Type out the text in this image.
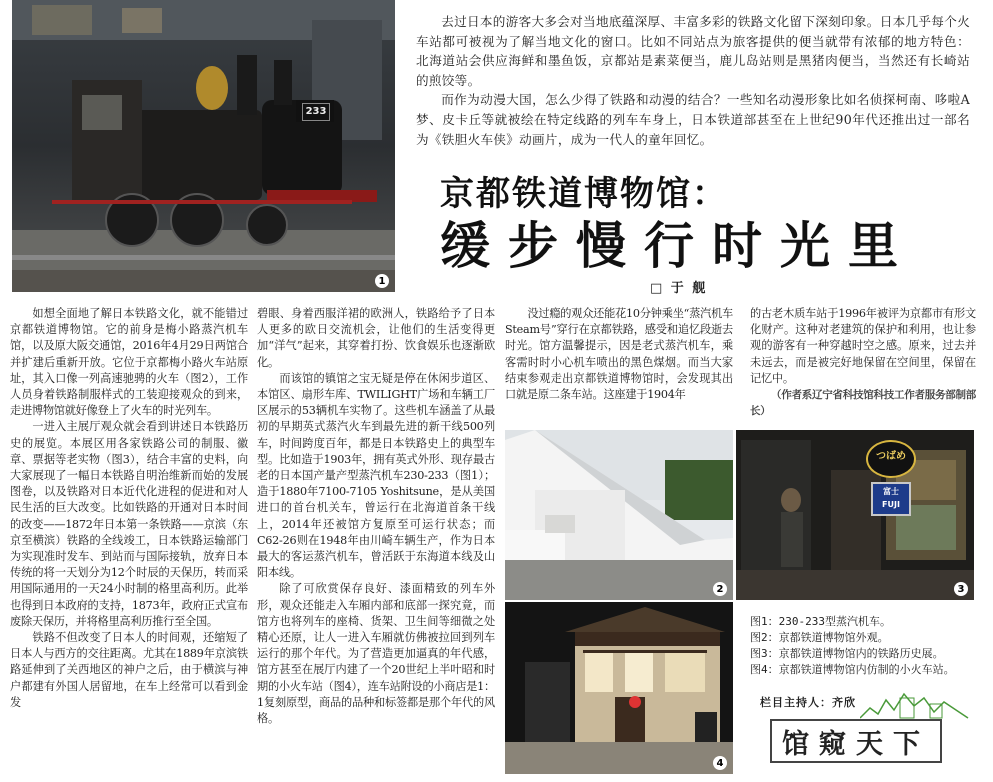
233
1

去过日本的游客大多会对当地底蕴深厚、丰富多彩的铁路文化留下深刻印象。日本几乎每个火车站都可被视为了解当地文化的窗口。比如不同站点为旅客提供的便当就带有浓郁的地方特色：北海道站会供应海鲜和墨鱼饭，京都站是素菜便当，鹿儿岛站则是黑猪肉便当，当然还有长崎站的煎饺等。

而作为动漫大国，怎么少得了铁路和动漫的结合？一些知名动漫形象比如名侦探柯南、哆啦A梦、皮卡丘等就被绘在特定线路的列车车身上，日本铁道部甚至在上世纪90年代还推出过一部名为《铁胆火车侠》动画片，成为一代人的童年回忆。

京都铁道博物馆：
缓步慢行时光里
□ 于 舰

如想全面地了解日本铁路文化，就不能错过京都铁道博物馆。它的前身是梅小路蒸汽机车馆，以及原大阪交通馆，2016年4月29日两馆合并扩建后重新开放。它位于京都梅小路火车站原址，其入口像一列高速驰骋的火车（图2），工作人员身着铁路制服样式的工装迎接观众的到来，走进博物馆就好像登上了火车的时光列车。

一进入主展厅观众就会看到讲述日本铁路历史的展览。本展区用各家铁路公司的制服、徽章、票据等老实物（图3），结合丰富的史料，向大家展现了一幅日本铁路自明治维新而始的发展图卷，以及铁路对日本近代化进程的促进和对人民生活的巨大改变。比如铁路的开通对日本时间的改变——1872年日本第一条铁路——京滨（东京至横滨）铁路的全线竣工，日本铁路运输部门为实现准时发车、到站而与国际接轨，放弃日本传统的将一天划分为12个时辰的天保历，转而采用国际通用的一天24小时制的格里高利历。此举也得到日本政府的支持，1873年，政府正式宣布废除天保历，并将格里高利历推行至全国。

铁路不但改变了日本人的时间观，还缩短了日本人与西方的交往距离。尤其在1889年京滨铁路延伸到了关西地区的神户之后，由于横滨与神户都建有外国人居留地，在车上经常可以看到金发

碧眼、身着西服洋裙的欧洲人，铁路给予了日本人更多的欧日交流机会，让他们的生活变得更加“洋气”起来，其穿着打扮、饮食娱乐也逐渐欧化。

而该馆的镇馆之宝无疑是停在休闲步道区、本馆区、扇形车库、TWILIGHT广场和车辆工厂区展示的53辆机车实物了。这些机车涵盖了从最初的早期英式蒸汽火车到最先进的新干线500列车，时间跨度百年，都是日本铁路史上的典型车型。比如造于1903年，拥有英式外形、现存最古老的日本国产量产型蒸汽机车230-233（图1）；造于1880年7100-7105 Yoshitsune，是从美国进口的首台机关车，曾运行在北海道首条干线上，2014年还被馆方复原至可运行状态；而C62-26则在1948年由川崎车辆生产，作为日本最大的客运蒸汽机车，曾活跃于东海道本线及山阳本线。

除了可欣赏保存良好、漆面精致的列车外形，观众还能走入车厢内部和底部一探究竟，而馆方也将列车的座椅、货架、卫生间等细微之处精心还原，让人一进入车厢就仿佛被拉回到列车运行的那个年代。为了营造更加逼真的年代感，馆方甚至在展厅内建了一个20世纪上半叶昭和时期的小火车站（图4），连车站附设的小商店是1：1复刻原型，商品的品种和标签都是那个年代的风格。

没过瘾的观众还能花10分钟乘坐“蒸汽机车Steam号”穿行在京都铁路，感受和追忆段逝去时光。馆方温馨提示，因是老式蒸汽机车，乘客需时时小心机车喷出的黑色煤烟。而当大家结束参观走出京都铁道博物馆时，会发现其出口就是原二条车站。这座建于1904年

的古老木质车站于1996年被评为京都市有形文化财产。这种对老建筑的保护和利用，也让参观的游客有一种穿越时空之感。原来，过去并未远去，而是被完好地保留在空间里，保留在记忆中。

（作者系辽宁省科技馆科技工作者服务部制部长）

2
つばめ
富士
FUJI
3
4
图1：230-233型蒸汽机车。
图2：京都铁道博物馆外观。
图3：京都铁道博物馆内的铁路历史展。
图4：京都铁道博物馆内仿制的小火车站。
栏目主持人：齐欣
馆窥天下
